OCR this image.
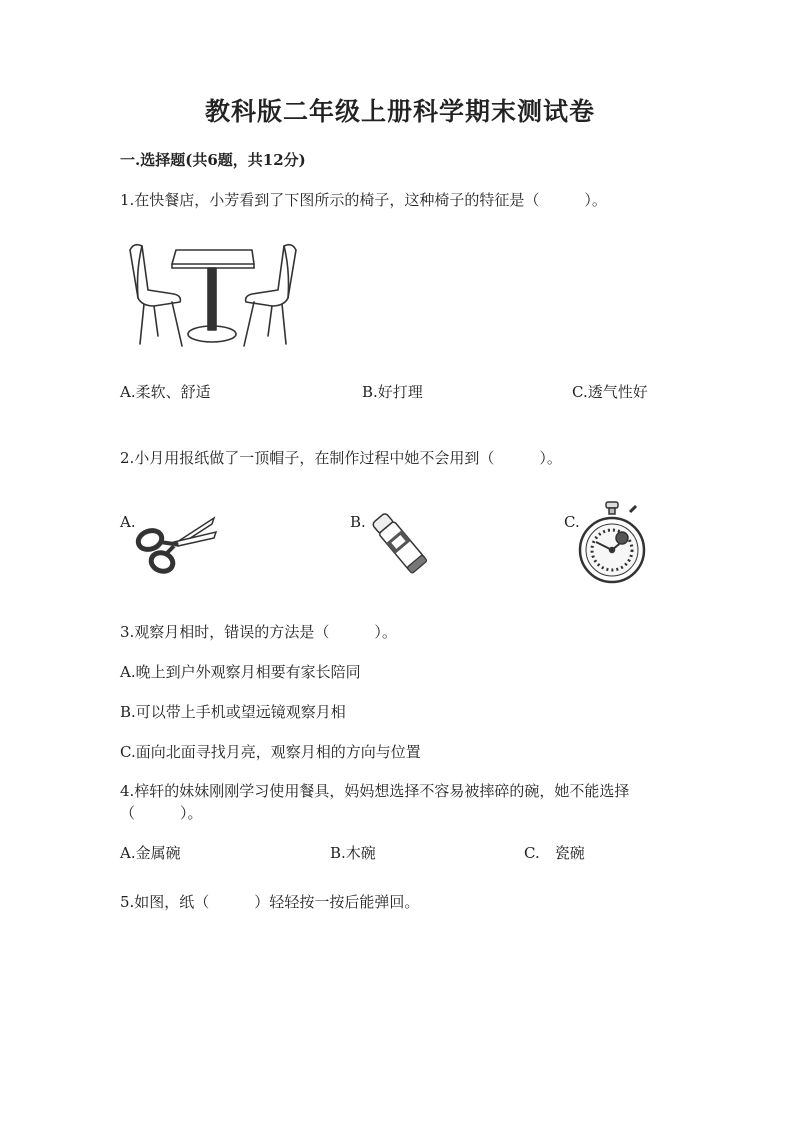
教科版二年级上册科学期末测试卷
一.选择题(共6题，共12分)
1.在快餐店，小芳看到了下图所示的椅子，这种椅子的特征是（　　　）。
A.柔软、舒适	B.好打理	C.透气性好
2.小月用报纸做了一顶帽子，在制作过程中她不会用到（　　　）。
A.	B.	C.
3.观察月相时，错误的方法是（　　　）。
A.晚上到户外观察月相要有家长陪同
B.可以带上手机或望远镜观察月相
C.面向北面寻找月亮，观察月相的方向与位置
4.梓轩的妹妹刚刚学习使用餐具，妈妈想选择不容易被摔碎的碗，她不能选择
（　　　）。
A.金属碗	B.木碗	C.　瓷碗
5.如图，纸（　　　）轻轻按一按后能弹回。
